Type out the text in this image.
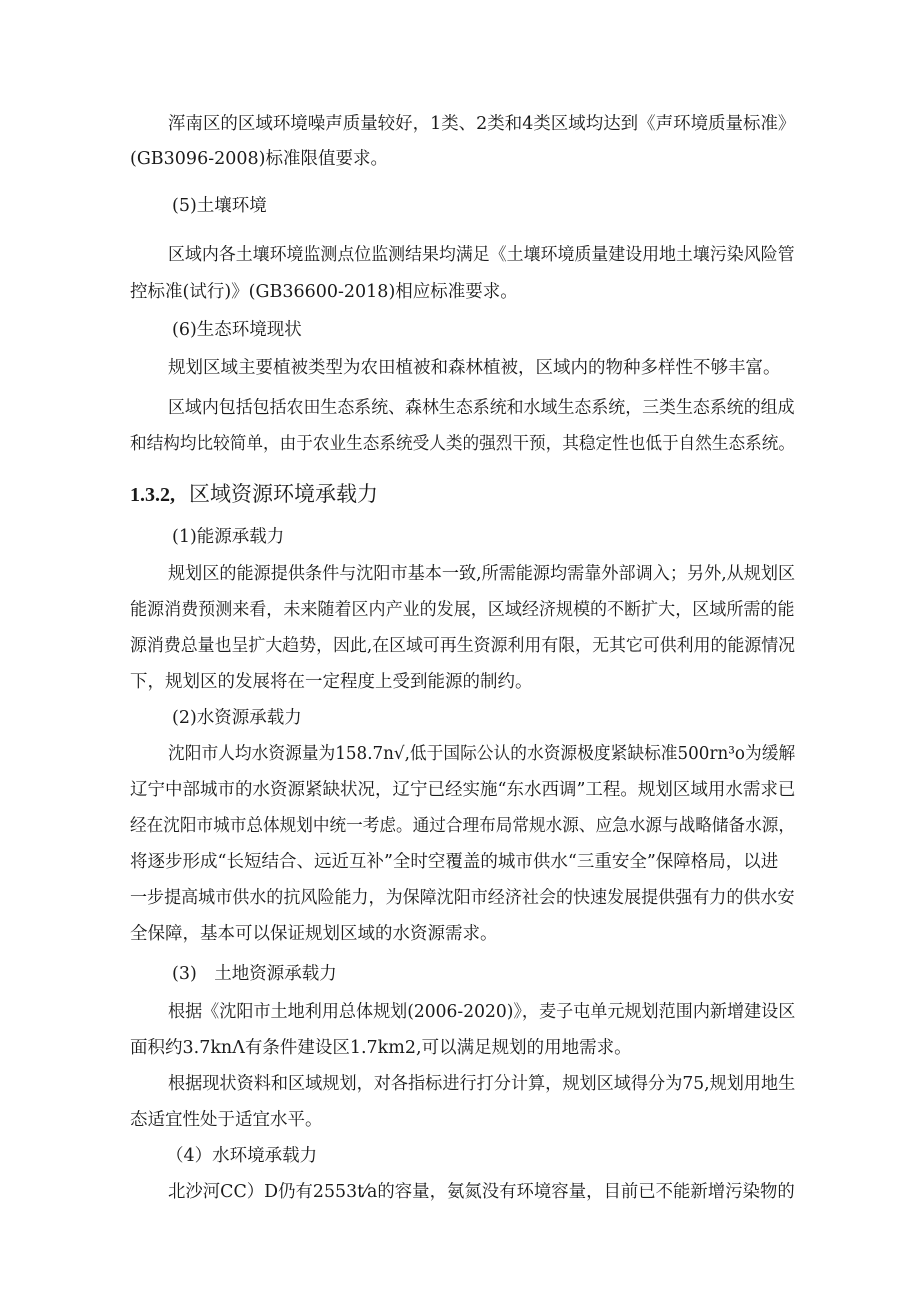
浑南区的区域环境噪声质量较好，1类、2类和4类区域均达到《声环境质量标准》
(GB3096-2008)标准限值要求。
(5)土壤环境
区域内各土壤环境监测点位监测结果均满足《土壤环境质量建设用地土壤污染风险管
控标准(试行)》(GB36600-2018)相应标准要求。
(6)生态环境现状
规划区域主要植被类型为农田植被和森林植被，区域内的物种多样性不够丰富。
区域内包括包括农田生态系统、森林生态系统和水域生态系统，三类生态系统的组成
和结构均比较简单，由于农业生态系统受人类的强烈干预，其稳定性也低于自然生态系统。
1.3.2, 区域资源环境承载力
(1)能源承载力
规划区的能源提供条件与沈阳市基本一致,所需能源均需靠外部调入；另外,从规划区
能源消费预测来看，未来随着区内产业的发展，区域经济规模的不断扩大，区域所需的能
源消费总量也呈扩大趋势，因此,在区域可再生资源利用有限，无其它可供利用的能源情况
下，规划区的发展将在一定程度上受到能源的制约。
(2)水资源承载力
沈阳市人均水资源量为158.7n√,低于国际公认的水资源极度紧缺标准500rn³o为缓解
辽宁中部城市的水资源紧缺状况，辽宁已经实施“东水西调”工程。规划区域用水需求已
经在沈阳市城市总体规划中统一考虑。通过合理布局常规水源、应急水源与战略储备水源，
将逐步形成“长短结合、远近互补”全时空覆盖的城市供水“三重安全”保障格局，以进
一步提高城市供水的抗风险能力，为保障沈阳市经济社会的快速发展提供强有力的供水安
全保障，基本可以保证规划区域的水资源需求。
(3)　土地资源承载力
根据《沈阳市土地利用总体规划(2006-2020)》，麦子屯单元规划范围内新增建设区
面积约3.7knΛ有条件建设区1.7km2,可以满足规划的用地需求。
根据现状资料和区域规划，对各指标进行打分计算，规划区域得分为75,规划用地生
态适宜性处于适宜水平。
（4）水环境承载力
北沙河CC）D仍有2553t⁄a的容量，氨氮没有环境容量，目前已不能新增污染物的
